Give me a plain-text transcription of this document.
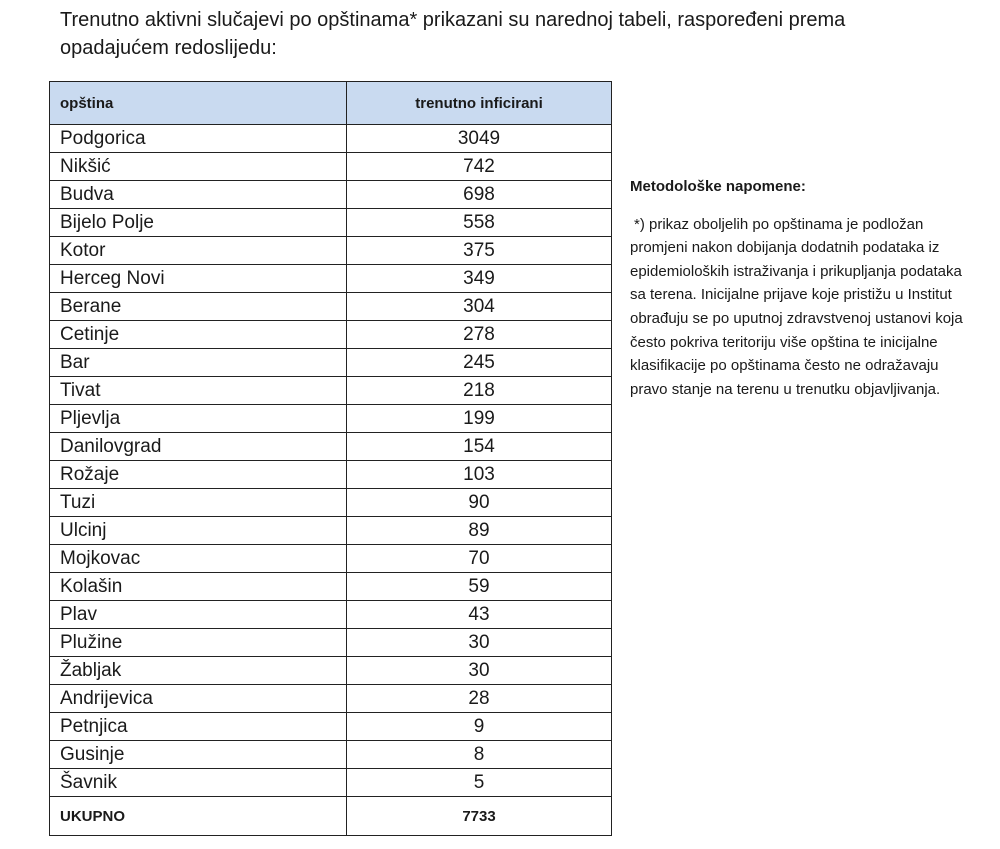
Trenutno aktivni slučajevi po opštinama* prikazani su narednoj tabeli, raspoređeni prema opadajućem redoslijedu:

opština	trenutno inficirani
Podgorica	3049
Nikšić	742
Budva	698
Bijelo Polje	558
Kotor	375
Herceg Novi	349
Berane	304
Cetinje	278
Bar	245
Tivat	218
Pljevlja	199
Danilovgrad	154
Rožaje	103
Tuzi	90
Ulcinj	89
Mojkovac	70
Kolašin	59
Plav	43
Plužine	30
Žabljak	30
Andrijevica	28
Petnjica	9
Gusinje	8
Šavnik	5
UKUPNO	7733
Metodološke napomene:

*) prikaz oboljelih po opštinama je podložan promjeni nakon dobijanja dodatnih podataka iz epidemioloških istraživanja i prikupljanja podataka sa terena. Inicijalne prijave koje pristižu u Institut obrađuju se po uputnoj zdravstvenoj ustanovi koja često pokriva teritoriju više opština te inicijalne klasifikacije po opštinama često ne odražavaju pravo stanje na terenu u trenutku objavljivanja.
